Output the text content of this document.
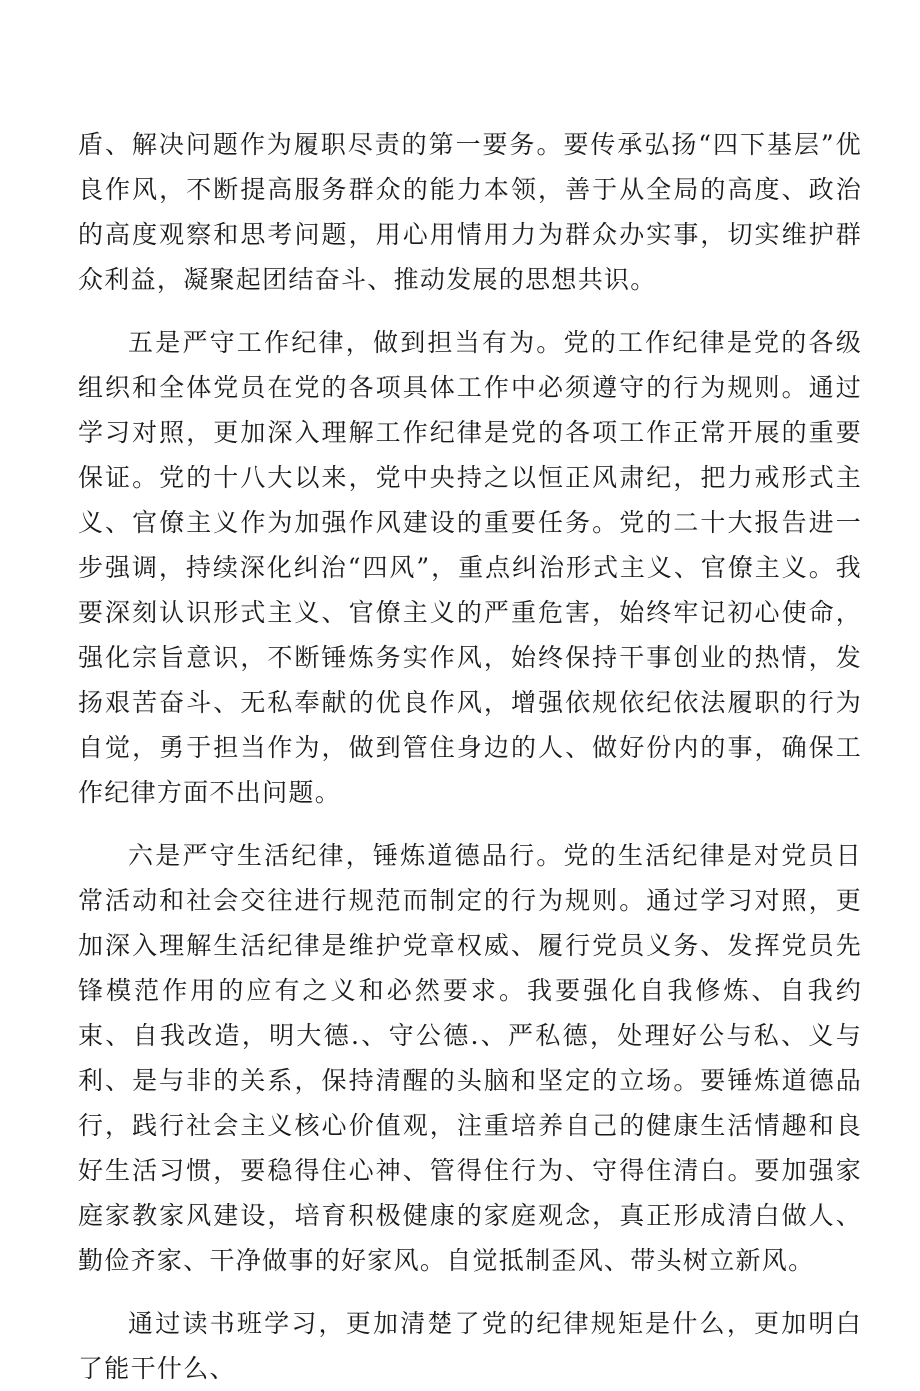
盾、解决问题作为履职尽责的第一要务。要传承弘扬“四下基层”优良作风，不断提高服务群众的能力本领，善于从全局的高度、政治的高度观察和思考问题，用心用情用力为群众办实事，切实维护群众利益，凝聚起团结奋斗、推动发展的思想共识。

五是严守工作纪律，做到担当有为。党的工作纪律是党的各级组织和全体党员在党的各项具体工作中必须遵守的行为规则。通过学习对照，更加深入理解工作纪律是党的各项工作正常开展的重要保证。党的十八大以来，党中央持之以恒正风肃纪，把力戒形式主义、官僚主义作为加强作风建设的重要任务。党的二十大报告进一步强调，持续深化纠治“四风”，重点纠治形式主义、官僚主义。我要深刻认识形式主义、官僚主义的严重危害，始终牢记初心使命，强化宗旨意识，不断锤炼务实作风，始终保持干事创业的热情，发扬艰苦奋斗、无私奉献的优良作风，增强依规依纪依法履职的行为自觉，勇于担当作为，做到管住身边的人、做好份内的事，确保工作纪律方面不出问题。

六是严守生活纪律，锤炼道德品行。党的生活纪律是对党员日常活动和社会交往进行规范而制定的行为规则。通过学习对照，更加深入理解生活纪律是维护党章权威、履行党员义务、发挥党员先锋模范作用的应有之义和必然要求。我要强化自我修炼、自我约束、自我改造，明大德.、守公德.、严私德，处理好公与私、义与利、是与非的关系，保持清醒的头脑和坚定的立场。要锤炼道德品行，践行社会主义核心价值观，注重培养自己的健康生活情趣和良好生活习惯，要稳得住心神、管得住行为、守得住清白。要加强家庭家教家风建设，培育积极健康的家庭观念，真正形成清白做人、勤俭齐家、干净做事的好家风。自觉抵制歪风、带头树立新风。

通过读书班学习，更加清楚了党的纪律规矩是什么，更加明白了能干什么、
